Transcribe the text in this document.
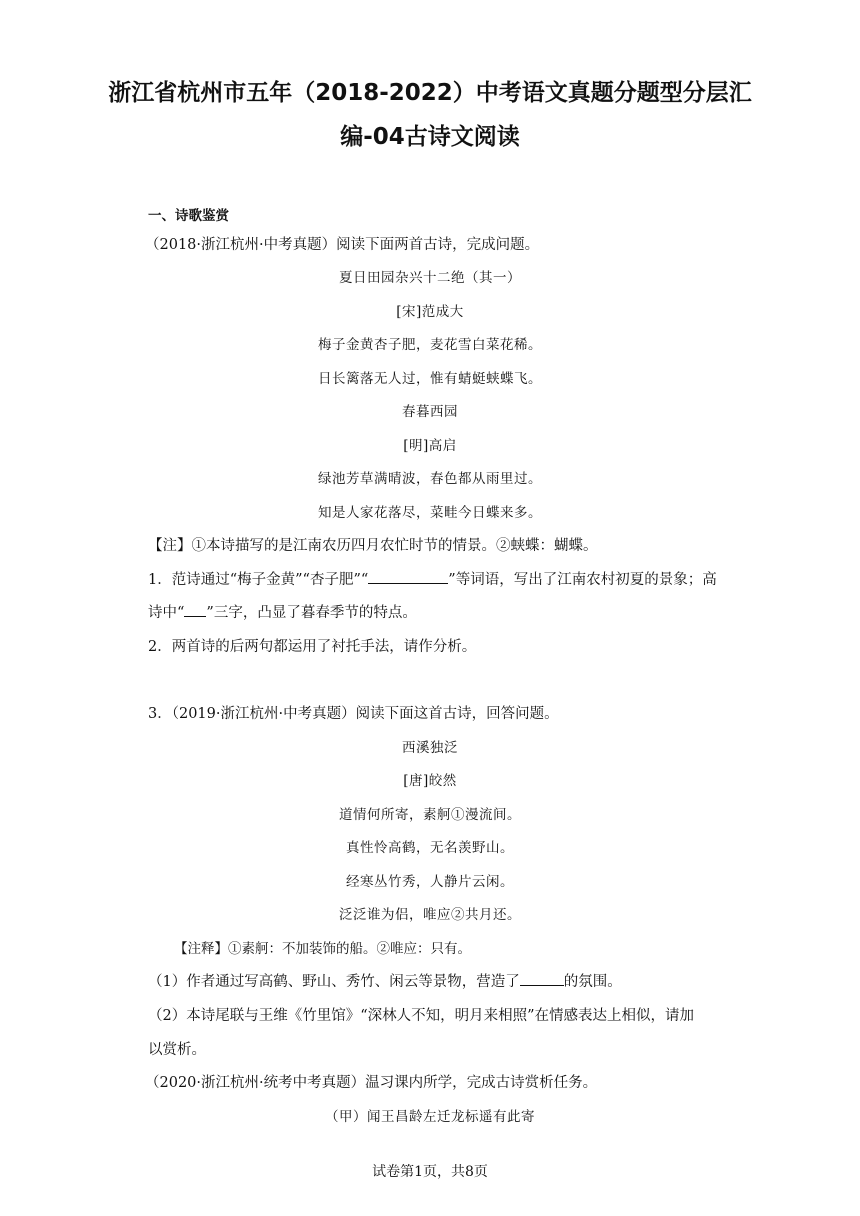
浙江省杭州市五年（2018-2022）中考语文真题分题型分层汇
编-04古诗文阅读
一、诗歌鉴赏
（2018·浙江杭州·中考真题）阅读下面两首古诗，完成问题。
夏日田园杂兴十二绝（其一）
[宋]范成大
梅子金黄杏子肥，麦花雪白菜花稀。
日长篱落无人过，惟有蜻蜓蛱蝶飞。
春暮西园
[明]高启
绿池芳草满晴波，春色都从雨里过。
知是人家花落尽，菜畦今日蝶来多。
【注】①本诗描写的是江南农历四月农忙时节的情景。②蛱蝶：蝴蝶。
1．范诗通过“梅子金黄”“杏子肥”“	”等词语，写出了江南农村初夏的景象；高
诗中“ ”三字，凸显了暮春季节的特点。
2．两首诗的后两句都运用了衬托手法，请作分析。
3．（2019·浙江杭州·中考真题）阅读下面这首古诗，回答问题。
西溪独泛
[唐]皎然
道情何所寄，素舸①漫流间。
真性怜高鹤，无名羡野山。
经寒丛竹秀，人静片云闲。
泛泛谁为侣，唯应②共月还。
【注释】①素舸：不加装饰的船。②唯应：只有。
（1）作者通过写高鹤、野山、秀竹、闲云等景物，营造了	的氛围。
（2）本诗尾联与王维《竹里馆》“深林人不知，明月来相照”在情感表达上相似，请加
以赏析。
（2020·浙江杭州·统考中考真题）温习课内所学，完成古诗赏析任务。
（甲）闻王昌龄左迁龙标遥有此寄
试卷第1页，共8页
